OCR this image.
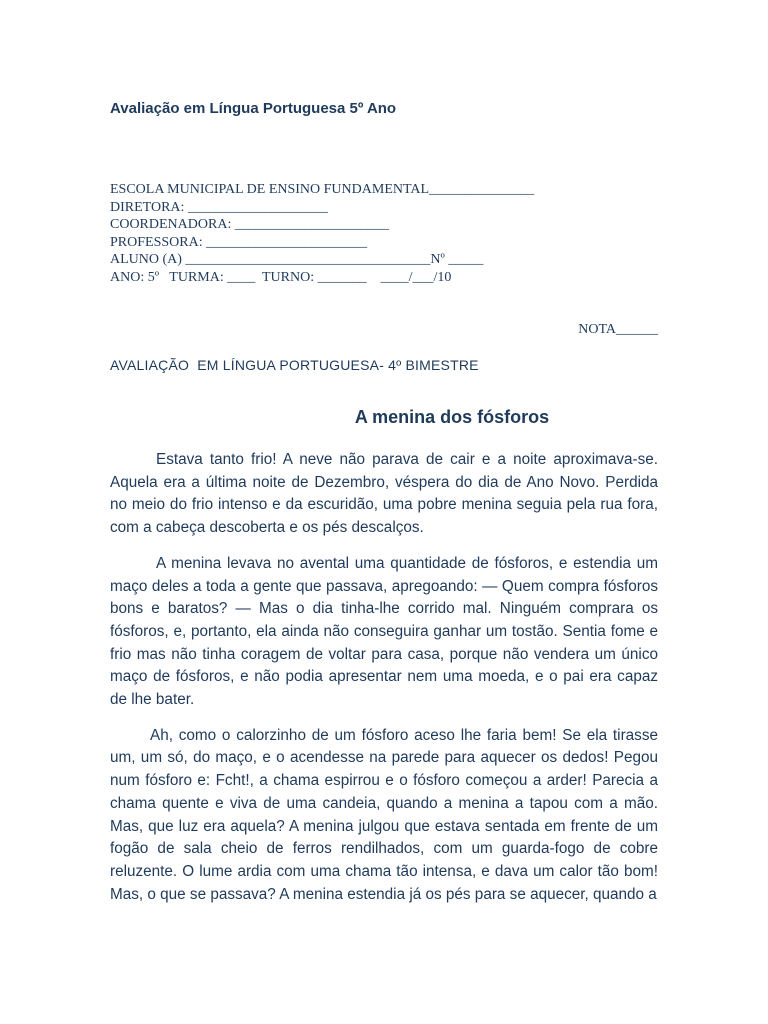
Avaliação em Língua Portuguesa 5º Ano
ESCOLA MUNICIPAL DE ENSINO FUNDAMENTAL_______________
DIRETORA: ____________________
COORDENADORA: ______________________
PROFESSORA: _______________________
ALUNO (A) ___________________________________Nº _____
ANO: 5º   TURMA: ____  TURNO: _______    ____/___/10
NOTA______
AVALIAÇÃO  EM LÍNGUA PORTUGUESA- 4º BIMESTRE
A menina dos fósforos

Estava tanto frio! A neve não parava de cair e a noite aproximava-se. Aquela era a última noite de Dezembro, véspera do dia de Ano Novo. Perdida no meio do frio intenso e da escuridão, uma pobre menina seguia pela rua fora, com a cabeça descoberta e os pés descalços.

A menina levava no avental uma quantidade de fósforos, e estendia um maço deles a toda a gente que passava, apregoando: — Quem compra fósforos bons e baratos? — Mas o dia tinha-lhe corrido mal. Ninguém comprara os fósforos, e, portanto, ela ainda não conseguira ganhar um tostão. Sentia fome e frio mas não tinha coragem de voltar para casa, porque não vendera um único maço de fósforos, e não podia apresentar nem uma moeda, e o pai era capaz de lhe bater.

Ah, como o calorzinho de um fósforo aceso lhe faria bem! Se ela tirasse um, um só, do maço, e o acendesse na parede para aquecer os dedos! Pegou num fósforo e: Fcht!, a chama espirrou e o fósforo começou a arder! Parecia a chama quente e viva de uma candeia, quando a menina a tapou com a mão. Mas, que luz era aquela? A menina julgou que estava sentada em frente de um fogão de sala cheio de ferros rendilhados, com um guarda-fogo de cobre reluzente. O lume ardia com uma chama tão intensa, e dava um calor tão bom! Mas, o que se passava? A menina estendia já os pés para se aquecer, quando a
